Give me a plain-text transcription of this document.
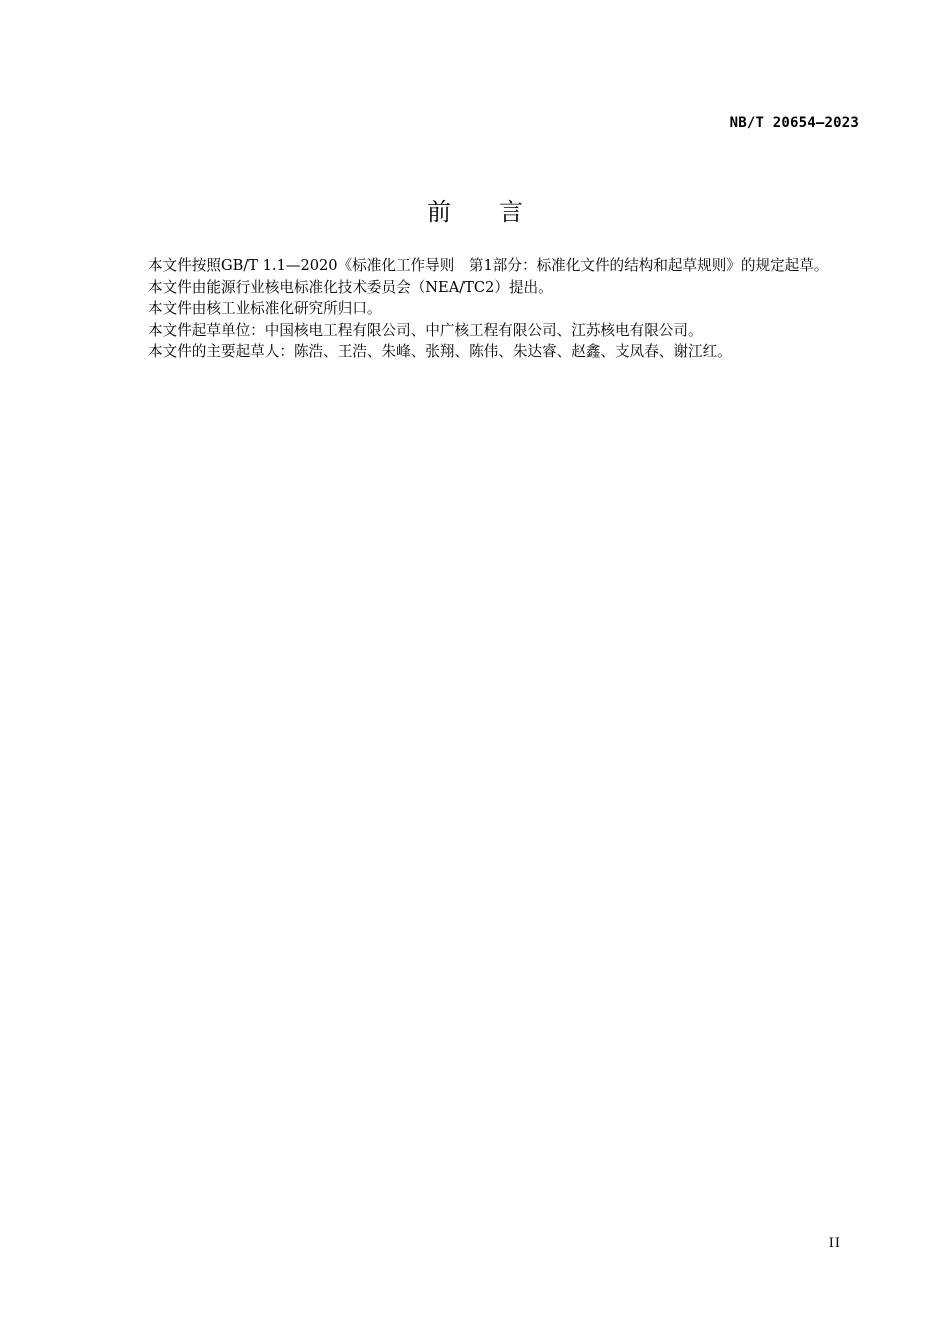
NB/T 20654—2023
前 言

本文件按照GB/T 1.1—2020《标准化工作导则　第1部分：标准化文件的结构和起草规则》的规定起草。

本文件由能源行业核电标准化技术委员会（NEA/TC2）提出。

本文件由核工业标准化研究所归口。

本文件起草单位：中国核电工程有限公司、中广核工程有限公司、江苏核电有限公司。

本文件的主要起草人：陈浩、王浩、朱峰、张翔、陈伟、朱达睿、赵鑫、支凤春、谢江红。

II
